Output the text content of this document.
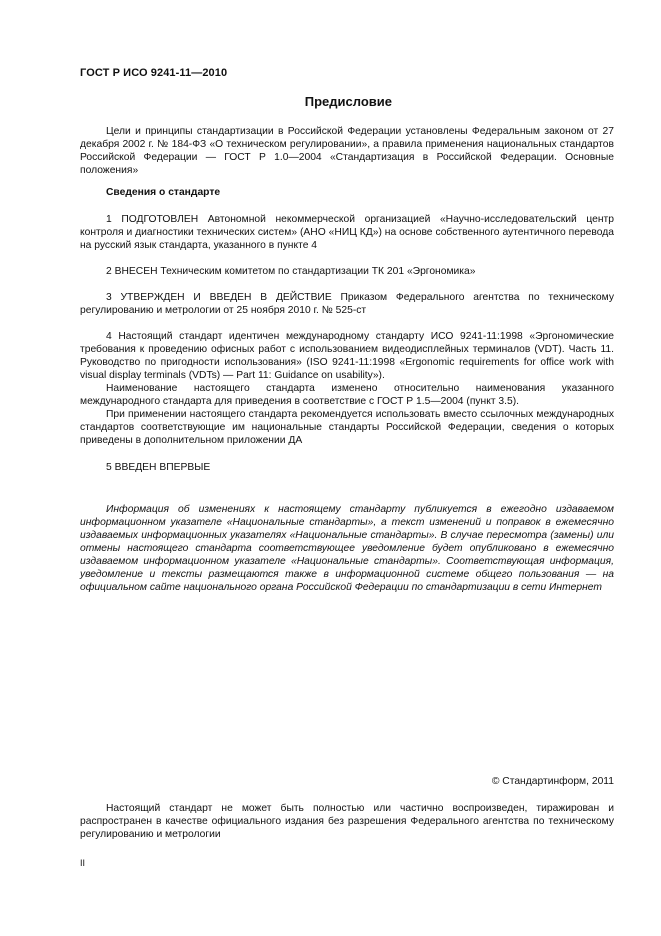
ГОСТ Р ИСО 9241-11—2010
Предисловие

Цели и принципы стандартизации в Российской Федерации установлены Федеральным законом от 27 декабря 2002 г. № 184-ФЗ «О техническом регулировании», а правила применения национальных стандартов Российской Федерации — ГОСТ Р 1.0—2004 «Стандартизация в Российской Федерации. Основные положения»

Сведения о стандарте

1 ПОДГОТОВЛЕН Автономной некоммерческой организацией «Научно-исследовательский центр контроля и диагностики технических систем» (АНО «НИЦ КД») на основе собственного аутентичного перевода на русский язык стандарта, указанного в пункте 4

2 ВНЕСЕН Техническим комитетом по стандартизации ТК 201 «Эргономика»

3 УТВЕРЖДЕН И ВВЕДЕН В ДЕЙСТВИЕ Приказом Федерального агентства по техническому регулированию и метрологии от 25 ноября 2010 г. № 525-ст

4 Настоящий стандарт идентичен международному стандарту ИСО 9241-11:1998 «Эргономические требования к проведению офисных работ с использованием видеодисплейных терминалов (VDT). Часть 11. Руководство по пригодности использования» (ISO 9241-11:1998 «Ergonomic requirements for office work with visual display terminals (VDTs) — Part 11: Guidance on usability»).

Наименование настоящего стандарта изменено относительно наименования указанного международного стандарта для приведения в соответствие с ГОСТ Р 1.5—2004 (пункт 3.5).

При применении настоящего стандарта рекомендуется использовать вместо ссылочных международных стандартов соответствующие им национальные стандарты Российской Федерации, сведения о которых приведены в дополнительном приложении ДА

5 ВВЕДЕН ВПЕРВЫЕ

Информация об изменениях к настоящему стандарту публикуется в ежегодно издаваемом информационном указателе «Национальные стандарты», а текст изменений и поправок в ежемесячно издаваемых информационных указателях «Национальные стандарты». В случае пересмотра (замены) или отмены настоящего стандарта соответствующее уведомление будет опубликовано в ежемесячно издаваемом информационном указателе «Национальные стандарты». Соответствующая информация, уведомление и тексты размещаются также в информационной системе общего пользования — на официальном сайте национального органа Российской Федерации по стандартизации в сети Интернет

© Стандартинформ, 2011

Настоящий стандарт не может быть полностью или частично воспроизведен, тиражирован и распространен в качестве официального издания без разрешения Федерального агентства по техническому регулированию и метрологии

II
